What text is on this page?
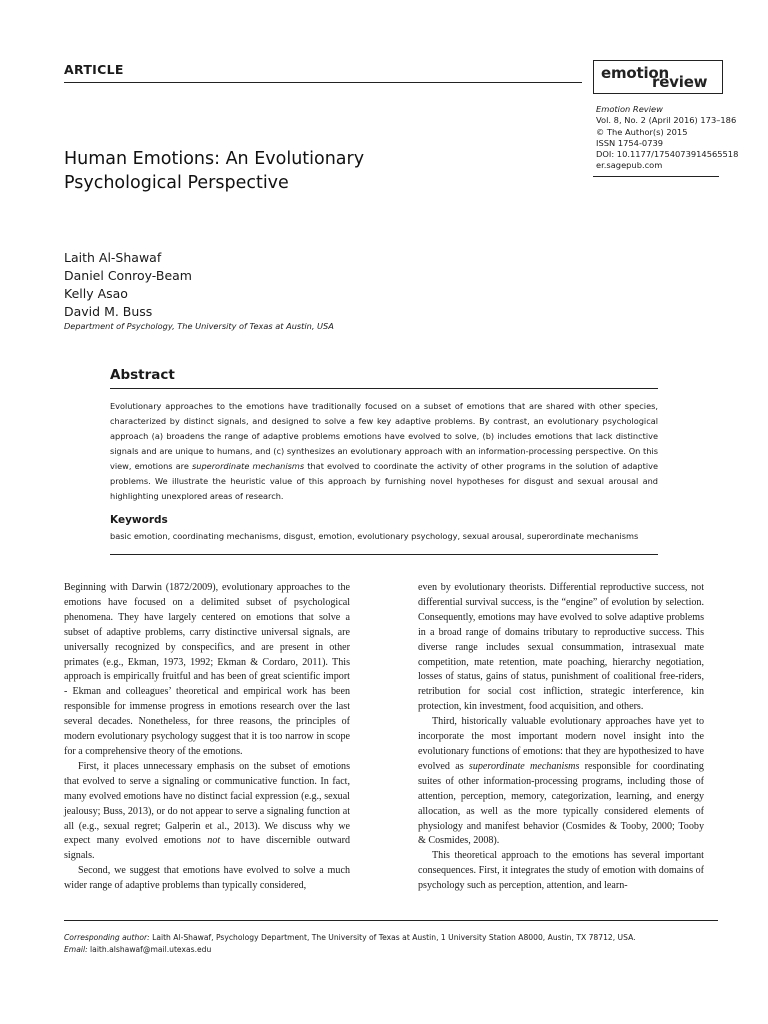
ARTICLE	emotion
review
Emotion Review
Vol. 8, No. 2 (April 2016) 173–186
© The Author(s) 2015
ISSN 1754-0739
DOI: 10.1177/1754073914565518
er.sagepub.com
Human Emotions: An Evolutionary
Psychological Perspective
Laith Al-Shawaf
Daniel Conroy-Beam
Kelly Asao
David M. Buss
Department of Psychology, The University of Texas at Austin, USA
Abstract
Evolutionary approaches to the emotions have traditionally focused on a subset of emotions that are shared with other species, characterized by distinct signals, and designed to solve a few key adaptive problems. By contrast, an evolutionary psychological approach (a) broadens the range of adaptive problems emotions have evolved to solve, (b) includes emotions that lack distinctive signals and are unique to humans, and (c) synthesizes an evolutionary approach with an information-processing perspective. On this view, emotions are superordinate mechanisms that evolved to coordinate the activity of other programs in the solution of adaptive problems. We illustrate the heuristic value of this approach by furnishing novel hypotheses for disgust and sexual arousal and highlighting unexplored areas of research.
Keywords
basic emotion, coordinating mechanisms, disgust, emotion, evolutionary psychology, sexual arousal, superordinate mechanisms

Beginning with Darwin (1872/2009), evolutionary approaches to the emotions have focused on a delimited subset of psychological phenomena. They have largely centered on emotions that solve a subset of adaptive problems, carry distinctive universal signals, are universally recognized by conspecifics, and are present in other primates (e.g., Ekman, 1973, 1992; Ekman & Cordaro, 2011). This approach is empirically fruitful and has been of great scientific import - Ekman and colleagues’ theoretical and empirical work has been responsible for immense progress in emotions research over the last several decades. Nonetheless, for three reasons, the principles of modern evolutionary psychology suggest that it is too narrow in scope for a comprehensive theory of the emotions.

First, it places unnecessary emphasis on the subset of emotions that evolved to serve a signaling or communicative function. In fact, many evolved emotions have no distinct facial expression (e.g., sexual jealousy; Buss, 2013), or do not appear to serve a signaling function at all (e.g., sexual regret; Galperin et al., 2013). We discuss why we expect many evolved emotions not to have discernible outward signals.

Second, we suggest that emotions have evolved to solve a much wider range of adaptive problems than typically considered,

even by evolutionary theorists. Differential reproductive success, not differential survival success, is the “engine” of evolution by selection. Consequently, emotions may have evolved to solve adaptive problems in a broad range of domains tributary to reproductive success. This diverse range includes sexual consummation, intrasexual mate competition, mate retention, mate poaching, hierarchy negotiation, losses of status, gains of status, punishment of coalitional free-riders, retribution for social cost infliction, strategic interference, kin protection, kin investment, food acquisition, and others.

Third, historically valuable evolutionary approaches have yet to incorporate the most important modern novel insight into the evolutionary functions of emotions: that they are hypothesized to have evolved as superordinate mechanisms responsible for coordinating suites of other information-processing programs, including those of attention, perception, memory, categorization, learning, and energy allocation, as well as the more typically considered elements of physiology and manifest behavior (Cosmides & Tooby, 2000; Tooby & Cosmides, 2008).

This theoretical approach to the emotions has several important consequences. First, it integrates the study of emotion with domains of psychology such as perception, attention, and learn-

Corresponding author: Laith Al-Shawaf, Psychology Department, The University of Texas at Austin, 1 University Station A8000, Austin, TX 78712, USA.
Email: laith.alshawaf@mail.utexas.edu
